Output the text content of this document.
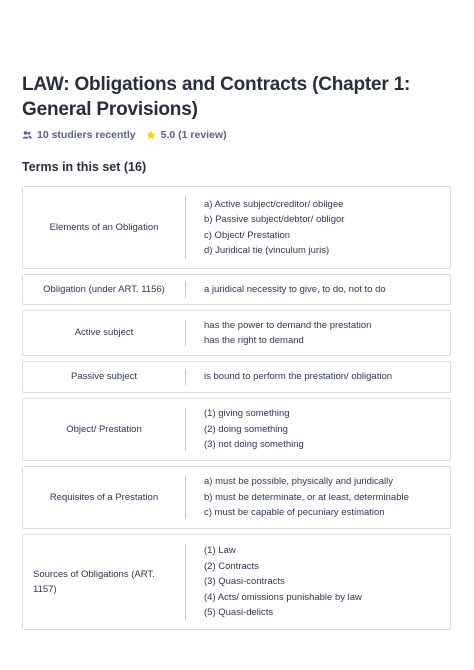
LAW: Obligations and Contracts (Chapter 1: General Provisions)
10 studiers recently 5.0 (1 review)
Terms in this set (16)
Elements of an Obligation
a) Active subject/creditor/ obligee
b) Passive subject/debtor/ obligor
c) Object/ Prestation
d) Juridical tie (vinculum juris)
Obligation (under ART. 1156)	a juridical necessity to give, to do, not to do
Active subject
has the power to demand the prestation
has the right to demand
Passive subject	is bound to perform the prestation/ obligation
Object/ Prestation
(1) giving something
(2) doing something
(3) not doing something
Requisites of a Prestation
a) must be possible, physically and juridically
b) must be determinate, or at least, determinable
c) must be capable of pecuniary estimation
Sources of Obligations (ART. 1157)
(1) Law
(2) Contracts
(3) Quasi-contracts
(4) Acts/ omissions punishable by law
(5) Quasi-delicts
